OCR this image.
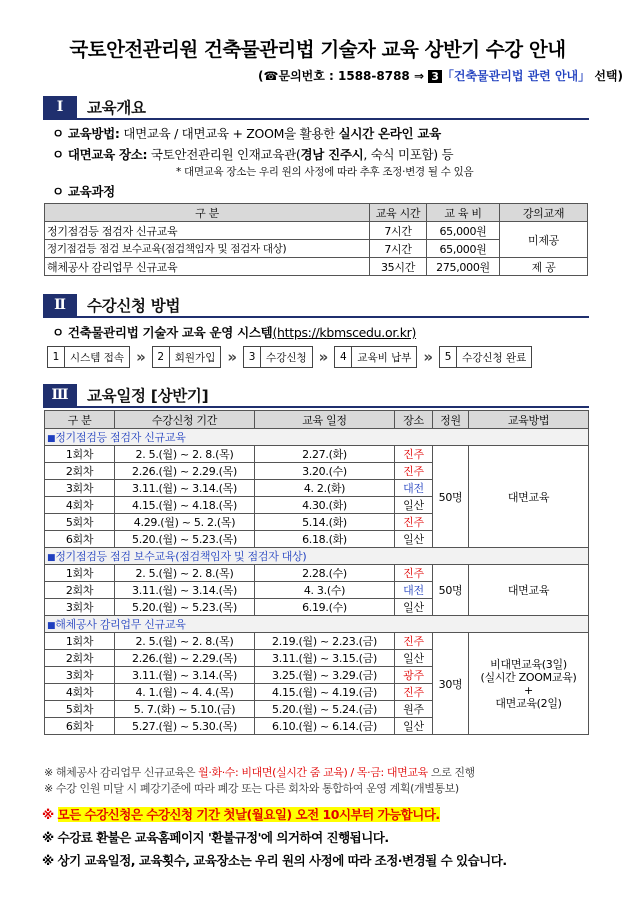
국토안전관리원 건축물관리법 기술자 교육 상반기 수강 안내
(☎문의번호 : 1588-8788 ⇒ 3 「건축물관리법 관련 안내」 선택)
Ⅰ	교육개요
ㅇ 교육방법: 대면교육 / 대면교육 + ZOOM을 활용한 실시간 온라인 교육
ㅇ 대면교육 장소: 국토안전관리원 인재교육관(경남 진주시, 숙식 미포함) 등
* 대면교육 장소는 우리 원의 사정에 따라 추후 조정·변경 될 수 있음
ㅇ 교육과정
구 분	교육 시간	교 육 비	강의교재
정기점검등 점검자 신규교육	7시간	65,000원	미제공
정기점검등 점검 보수교육(점검책임자 및 점검자 대상)	7시간	65,000원	
해체공사 감리업무 신규교육	35시간	275,000원	제 공
Ⅱ	수강신청 방법
ㅇ 건축물관리법 기술자 교육 운영 시스템(https://kbmscedu.or.kr)
1	시스템 접속 »	2	회원가입 »	3	수강신청 »	4	교육비 납부 »	5	수강신청 완료
Ⅲ	교육일정 [상반기]
구 분	수강신청 기간	교육 일정	장소	정원	교육방법
■정기점검등 점검자 신규교육					
1회차	2. 5.(월) ~ 2. 8.(목)	2.27.(화)	진주	50명	대면교육
2회차	2.26.(월) ~ 2.29.(목)	3.20.(수)	진주		
3회차	3.11.(월) ~ 3.14.(목)	4. 2.(화)	대전		
4회차	4.15.(월) ~ 4.18.(목)	4.30.(화)	일산		
5회차	4.29.(월) ~ 5. 2.(목)	5.14.(화)	진주		
6회차	5.20.(월) ~ 5.23.(목)	6.18.(화)	일산		
■정기점검등 점검 보수교육(점검책임자 및 점검자 대상)					
1회차	2. 5.(월) ~ 2. 8.(목)	2.28.(수)	진주	50명	대면교육
2회차	3.11.(월) ~ 3.14.(목)	4. 3.(수)	대전		
3회차	5.20.(월) ~ 5.23.(목)	6.19.(수)	일산		
■해체공사 감리업무 신규교육					
1회차	2. 5.(월) ~ 2. 8.(목)	2.19.(월) ~ 2.23.(금)	진주	30명	비대면교육(3일)
(실시간 ZOOM교육)
+
대면교육(2일)

2회차	2.26.(월) ~ 2.29.(목)	3.11.(월) ~ 3.15.(금)	일산		
3회차	3.11.(월) ~ 3.14.(목)	3.25.(월) ~ 3.29.(금)	광주		
4회차	4. 1.(월) ~ 4. 4.(목)	4.15.(월) ~ 4.19.(금)	진주		
5회차	5. 7.(화) ~ 5.10.(금)	5.20.(월) ~ 5.24.(금)	원주		
6회차	5.27.(월) ~ 5.30.(목)	6.10.(월) ~ 6.14.(금)	일산		
※ 해체공사 감리업무 신규교육은 월·화·수: 비대면(실시간 줌 교육) / 목·금: 대면교육 으로 진행
※ 수강 인원 미달 시 폐강기준에 따라 폐강 또는 다른 회차와 통합하여 운영 계획(개별통보)
※ 모든 수강신청은 수강신청 기간 첫날(월요일) 오전 10시부터 가능합니다.
※ 수강료 환불은 교육홈페이지 '환불규정'에 의거하여 진행됩니다.
※ 상기 교육일정, 교육횟수, 교육장소는 우리 원의 사정에 따라 조정·변경될 수 있습니다.
